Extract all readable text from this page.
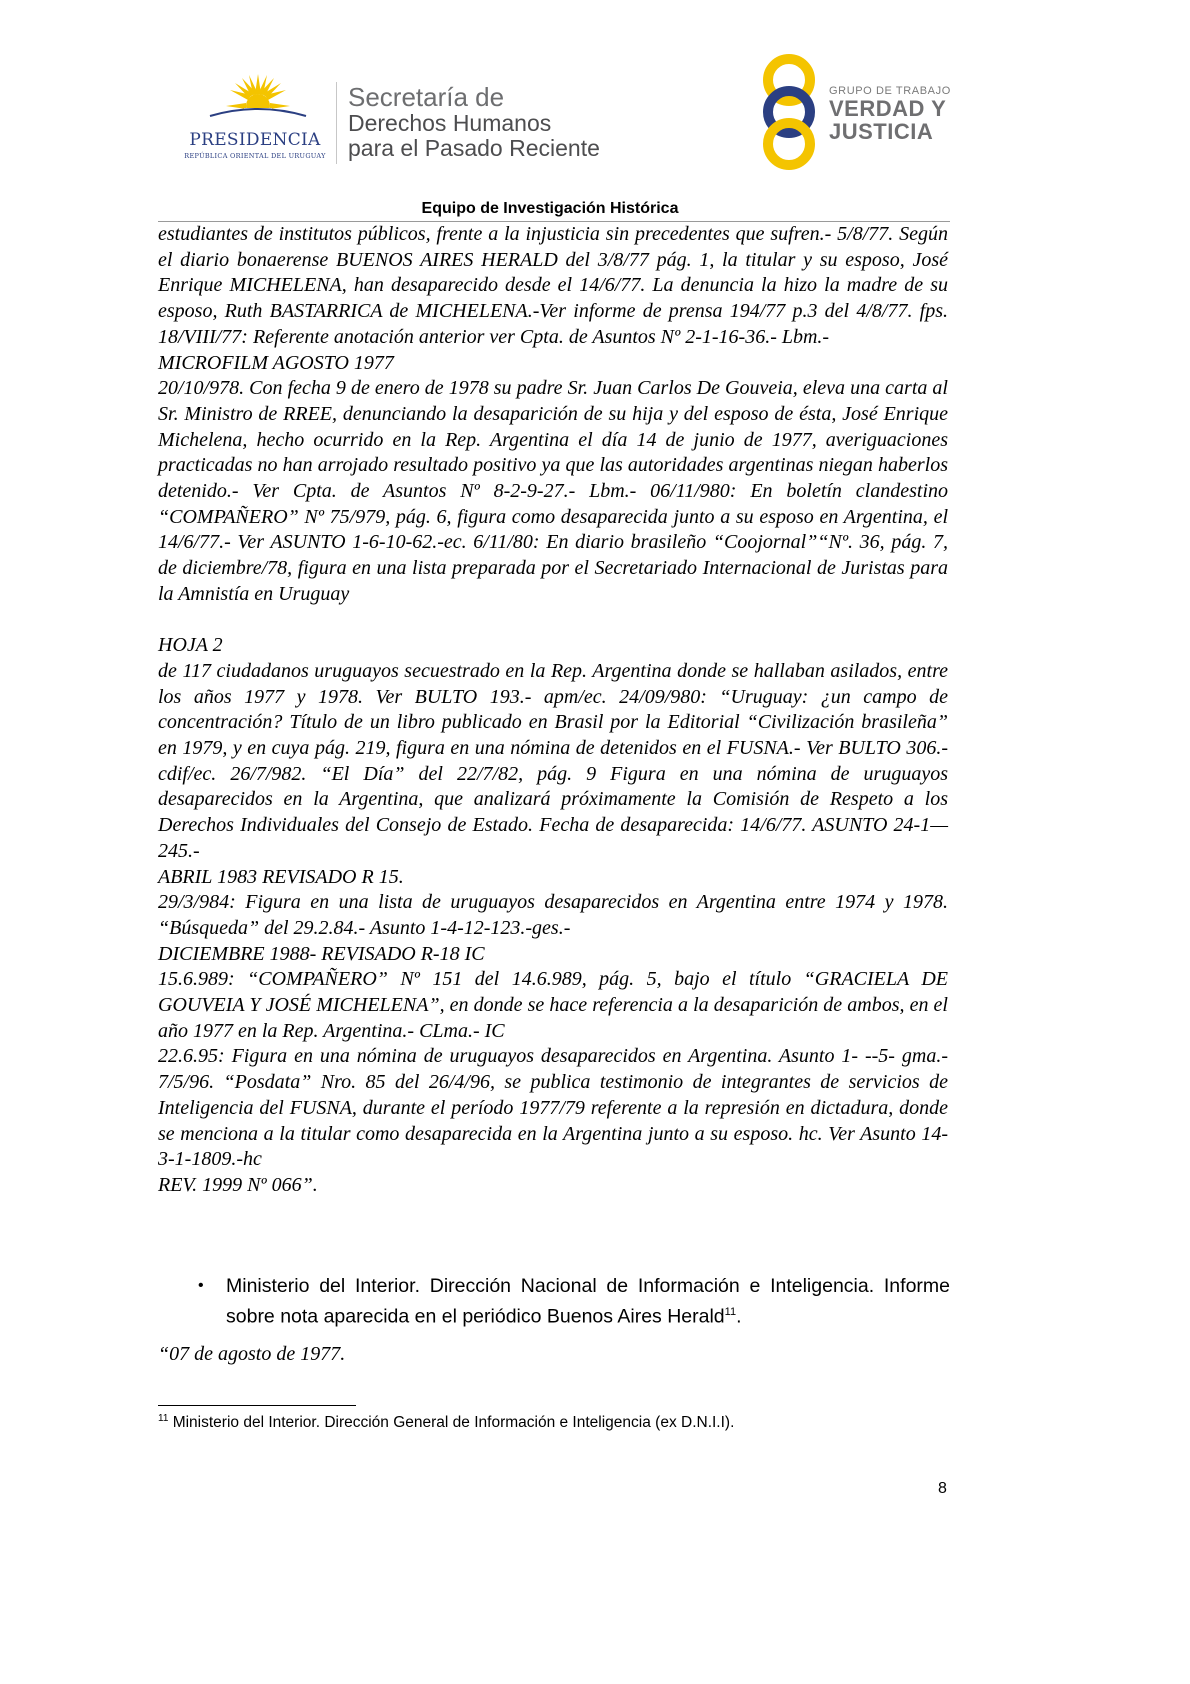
PRESIDENCIA
REPÚBLICA ORIENTAL DEL URUGUAY
Secretaría de
Derechos Humanos
para el Pasado Reciente
GRUPO DE TRABAJO
VERDAD Y
JUSTICIA
Equipo de Investigación Histórica

estudiantes de institutos públicos, frente a la injusticia sin precedentes que sufren.- 5/8/77. Según el diario bonaerense BUENOS AIRES HERALD del 3/8/77 pág. 1, la titular y su esposo, José Enrique MICHELENA, han desaparecido desde el 14/6/77. La denuncia la hizo la madre de su esposo, Ruth BASTARRICA de MICHELENA.-Ver informe de prensa 194/77 p.3 del 4/8/77. fps. 18/VIII/77: Referente anotación anterior ver Cpta. de Asuntos Nº 2-1-16-36.- Lbm.-

MICROFILM AGOSTO 1977

20/10/978. Con fecha 9 de enero de 1978 su padre Sr. Juan Carlos De Gouveia, eleva una carta al Sr. Ministro de RREE, denunciando la desaparición de su hija y del esposo de ésta, José Enrique Michelena, hecho ocurrido en la Rep. Argentina el día 14 de junio de 1977, averiguaciones practicadas no han arrojado resultado positivo ya que las autoridades argentinas niegan haberlos detenido.- Ver Cpta. de Asuntos Nº 8-2-9-27.- Lbm.- 06/11/980: En boletín clandestino “COMPAÑERO” Nº 75/979, pág. 6, figura como desaparecida junto a su esposo en Argentina, el 14/6/77.- Ver ASUNTO 1-6-10-62.-ec. 6/11/80: En diario brasileño “Coojornal”“Nº. 36, pág. 7, de diciembre/78, figura en una lista preparada por el Secretariado Internacional de Juristas para la Amnistía en Uruguay

HOJA 2

de 117 ciudadanos uruguayos secuestrado en la Rep. Argentina donde se hallaban asilados, entre los años 1977 y 1978. Ver BULTO 193.- apm/ec. 24/09/980: “Uruguay: ¿un campo de concentración? Título de un libro publicado en Brasil por la Editorial “Civilización brasileña” en 1979, y en cuya pág. 219, figura en una nómina de detenidos en el FUSNA.- Ver BULTO 306.- cdif/ec. 26/7/982. “El Día” del 22/7/82, pág. 9 Figura en una nómina de uruguayos desaparecidos en la Argentina, que analizará próximamente la Comisión de Respeto a los Derechos Individuales del Consejo de Estado. Fecha de desaparecida: 14/6/77. ASUNTO 24-1—245.-

ABRIL 1983 REVISADO R 15.

29/3/984: Figura en una lista de uruguayos desaparecidos en Argentina entre 1974 y 1978. “Búsqueda” del 29.2.84.- Asunto 1-4-12-123.-ges.-

DICIEMBRE 1988- REVISADO R-18 IC

15.6.989: “COMPAÑERO” Nº 151 del 14.6.989, pág. 5, bajo el título “GRACIELA DE GOUVEIA Y JOSÉ MICHELENA”, en donde se hace referencia a la desaparición de ambos, en el año 1977 en la Rep. Argentina.- CLma.- IC

22.6.95: Figura en una nómina de uruguayos desaparecidos en Argentina. Asunto 1- --5- gma.- 7/5/96. “Posdata” Nro. 85 del 26/4/96, se publica testimonio de integrantes de servicios de Inteligencia del FUSNA, durante el período 1977/79 referente a la represión en dictadura, donde se menciona a la titular como desaparecida en la Argentina junto a su esposo. hc. Ver Asunto 14-3-1-1809.-hc

REV. 1999 Nº 066”.

• Ministerio del Interior. Dirección Nacional de Información e Inteligencia. Informe sobre nota aparecida en el periódico Buenos Aires Herald$^{11}$.
“07 de agosto de 1977.
$^{11}$ Ministerio del Interior. Dirección General de Información e Inteligencia (ex D.N.I.I).
8
